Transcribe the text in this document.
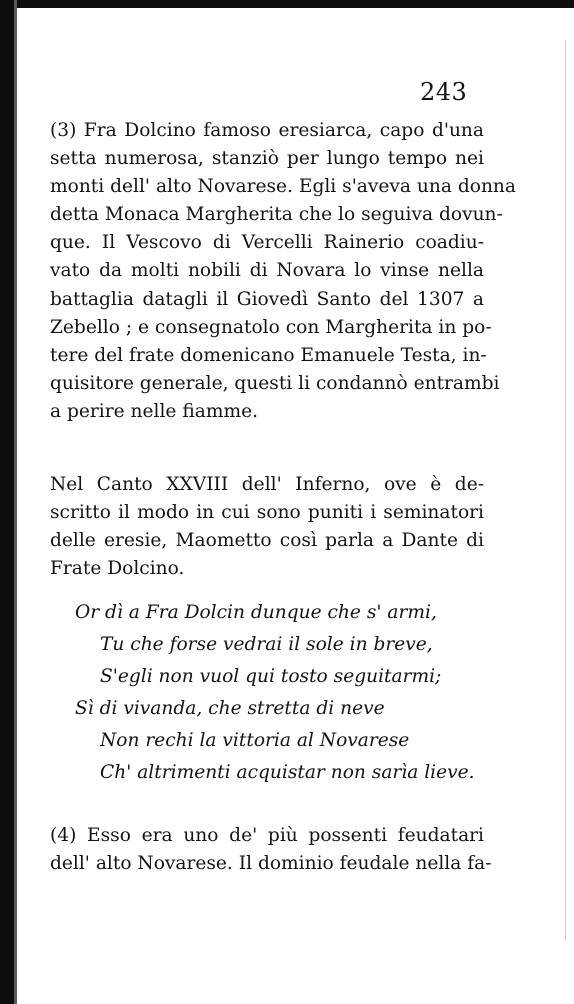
243
(3) Fra Dolcino famoso eresiarca, capo d'una
setta numerosa, stanziò per lungo tempo nei
monti dell' alto Novarese. Egli s'aveva una donna
detta Monaca Margherita che lo seguiva dovun-
que. Il Vescovo di Vercelli Rainerio coadiu-
vato da molti nobili di Novara lo vinse nella
battaglia datagli il Giovedì Santo del 1307 a
Zebello ; e consegnatolo con Margherita in po-
tere del frate domenicano Emanuele Testa, in-
quisitore generale, questi li condannò entrambi
a perire nelle fiamme.
Nel Canto XXVIII dell' Inferno, ove è de-
scritto il modo in cui sono puniti i seminatori
delle eresie, Maometto così parla a Dante di
Frate Dolcino.
Or dì a Fra Dolcin dunque che s' armi,
Tu che forse vedrai il sole in breve,
S'egli non vuol qui tosto seguitarmi;
Sì di vivanda, che stretta di neve
Non rechi la vittoria al Novarese
Ch' altrimenti acquistar non sarìa lieve.
(4) Esso era uno de' più possenti feudatari
dell' alto Novarese. Il dominio feudale nella fa-
